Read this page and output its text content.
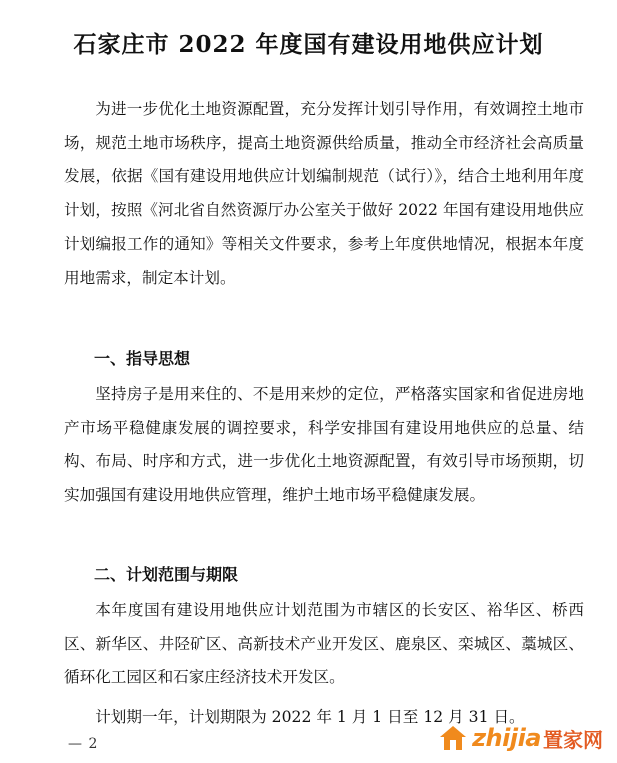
石家庄市 2022 年度国有建设用地供应计划
为进一步优化土地资源配置，充分发挥计划引导作用，有效调控土地市场，规范土地市场秩序，提高土地资源供给质量，推动全市经济社会高质量发展，依据《国有建设用地供应计划编制规范（试行）》，结合土地利用年度计划，按照《河北省自然资源厅办公室关于做好 2022 年国有建设用地供应计划编报工作的通知》等相关文件要求，参考上年度供地情况，根据本年度用地需求，制定本计划。
一、指导思想
坚持房子是用来住的、不是用来炒的定位，严格落实国家和省促进房地产市场平稳健康发展的调控要求，科学安排国有建设用地供应的总量、结构、布局、时序和方式，进一步优化土地资源配置，有效引导市场预期，切实加强国有建设用地供应管理，维护土地市场平稳健康发展。
二、计划范围与期限
本年度国有建设用地供应计划范围为市辖区的长安区、裕华区、桥西区、新华区、井陉矿区、高新技术产业开发区、鹿泉区、栾城区、藁城区、循环化工园区和石家庄经济技术开发区。
计划期一年，计划期限为 2022 年 1 月 1 日至 12 月 31 日。
— 2	zhijia 置家网
